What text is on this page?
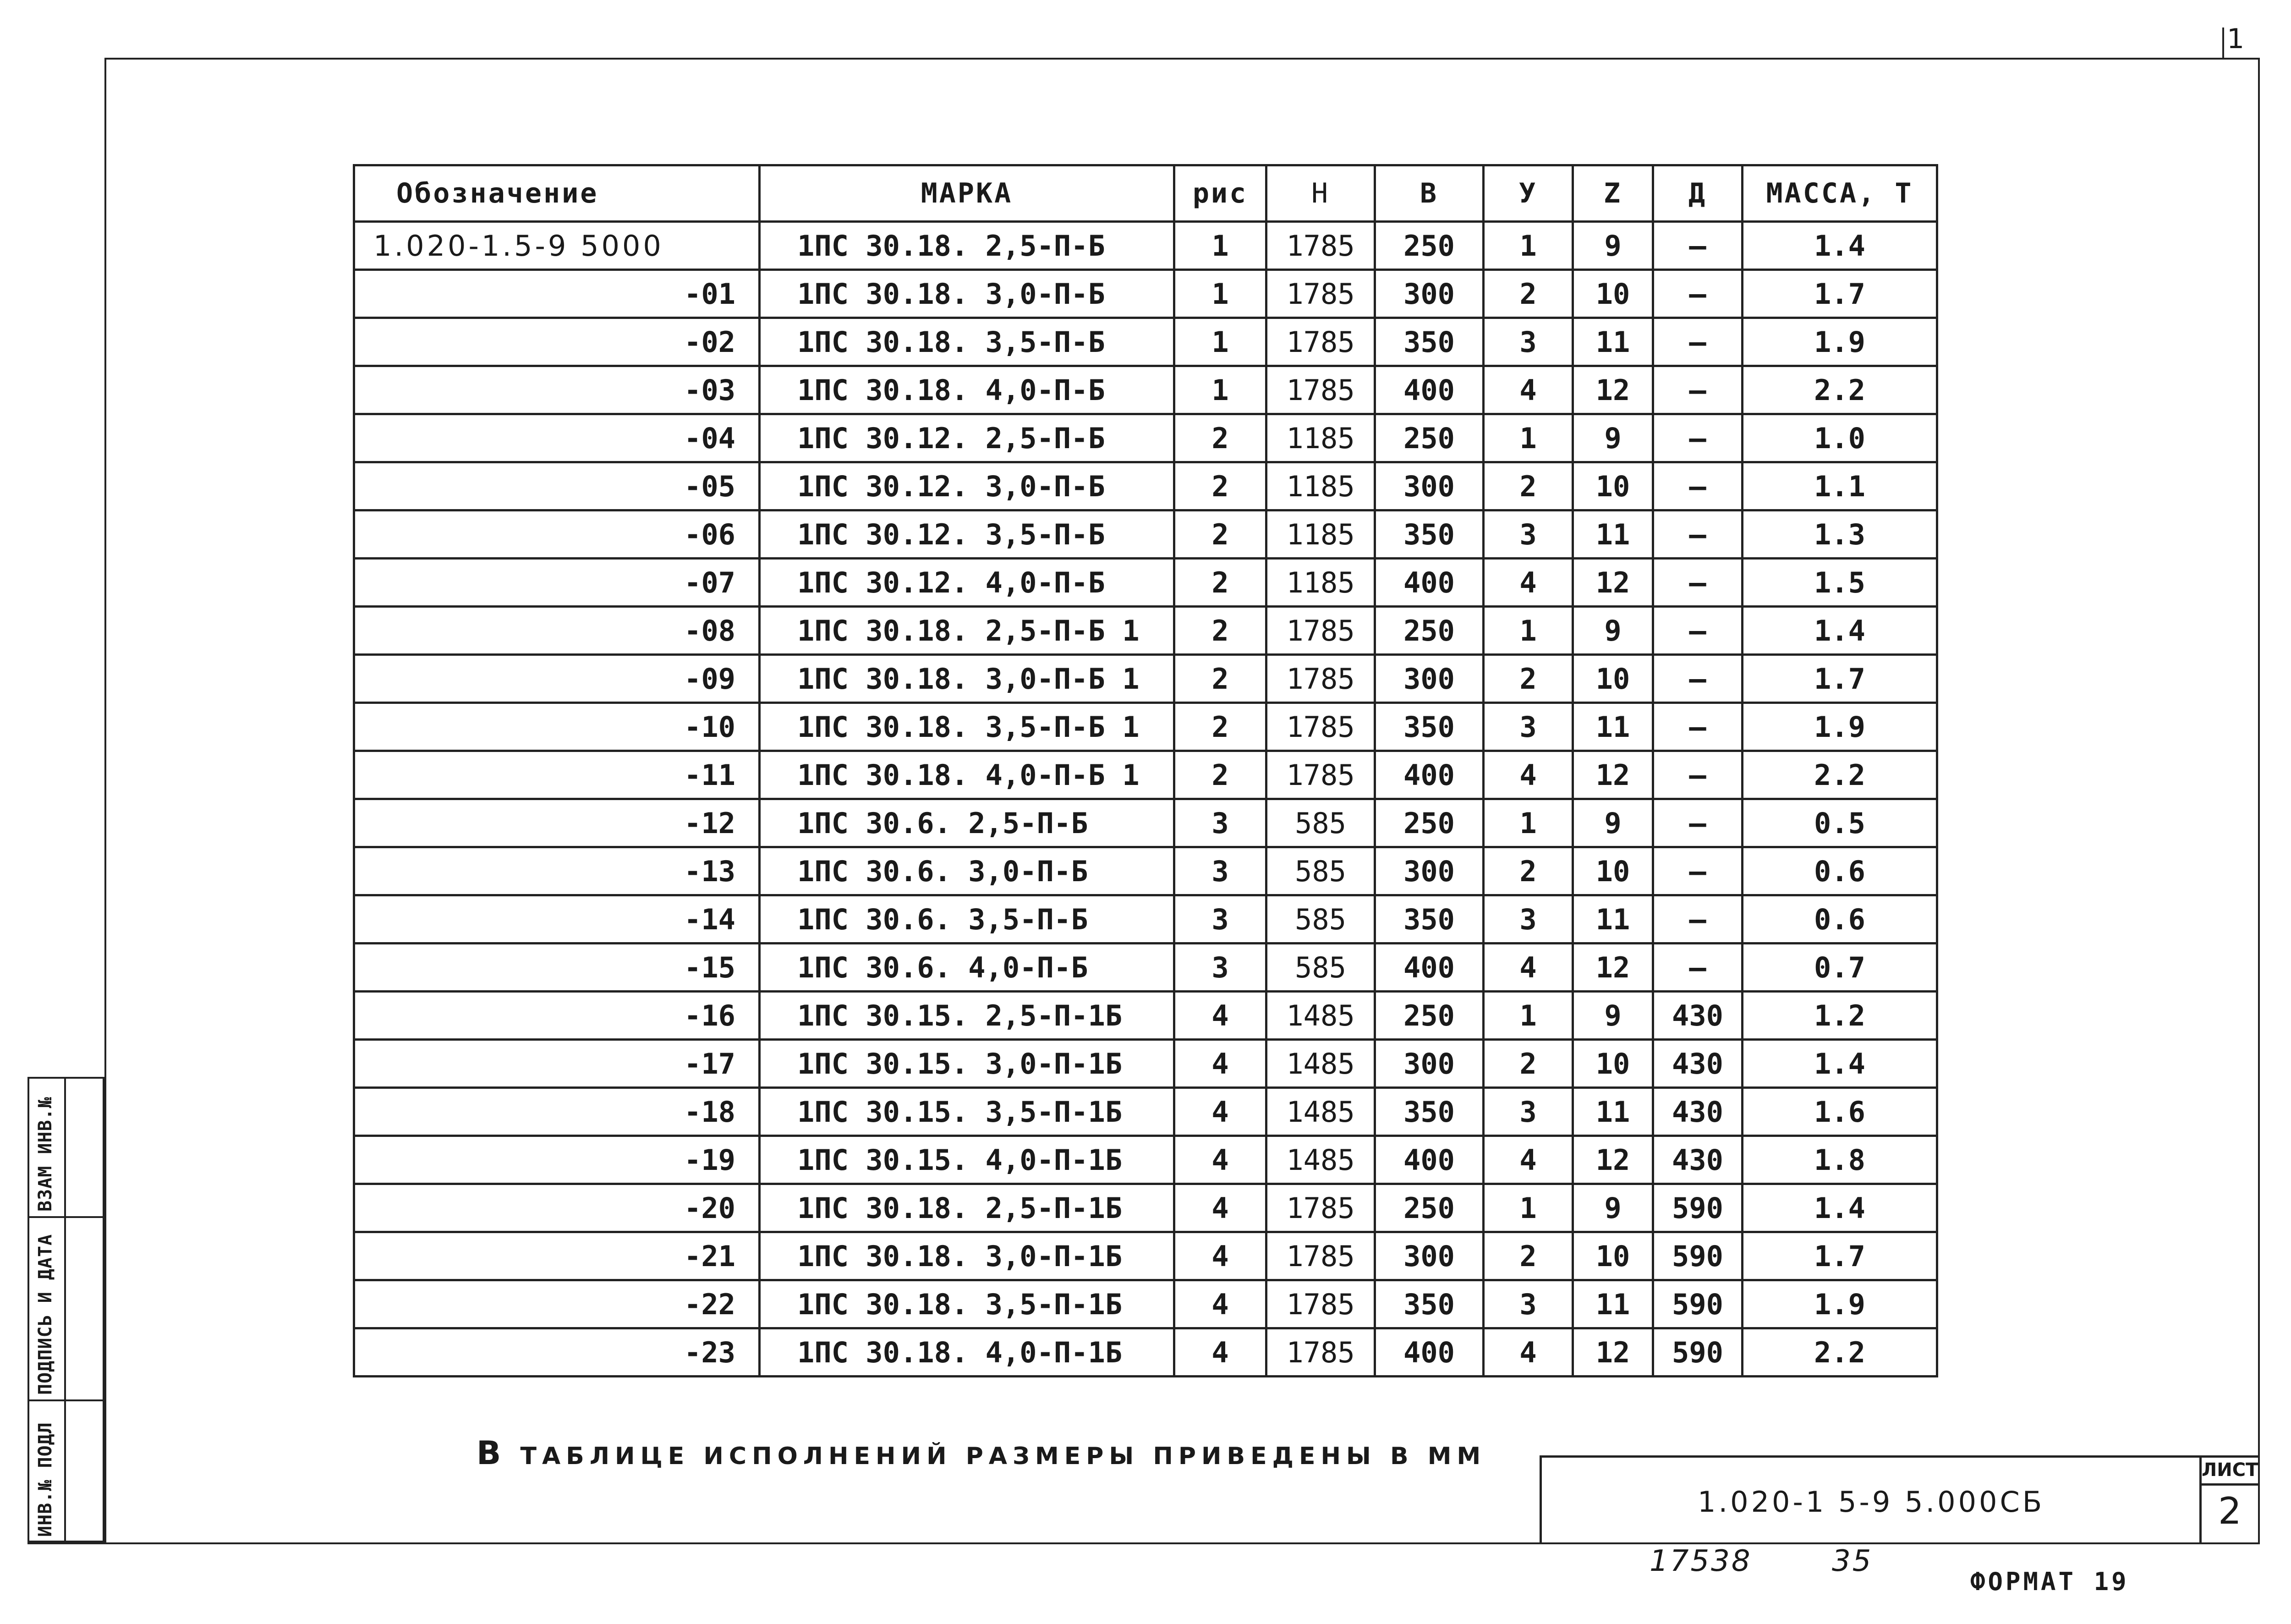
1
ИНВ.№ ПОДЛ
ПОДПИСЬ И ДАТА
ВЗАМ ИНВ.№
Обозначение	МАРКА	рис	Н	В	У	Z	Д	МАССА, Т
1.020-1.5-9 5000	1ПС 30.18. 2,5-П-Б	1	1785	250	1	9	—	1.4
-01	1ПС 30.18. 3,0-П-Б	1	1785	300	2	10	—	1.7
-02	1ПС 30.18. 3,5-П-Б	1	1785	350	3	11	—	1.9
-03	1ПС 30.18. 4,0-П-Б	1	1785	400	4	12	—	2.2
-04	1ПС 30.12. 2,5-П-Б	2	1185	250	1	9	—	1.0
-05	1ПС 30.12. 3,0-П-Б	2	1185	300	2	10	—	1.1
-06	1ПС 30.12. 3,5-П-Б	2	1185	350	3	11	—	1.3
-07	1ПС 30.12. 4,0-П-Б	2	1185	400	4	12	—	1.5
-08	1ПС 30.18. 2,5-П-Б 1	2	1785	250	1	9	—	1.4
-09	1ПС 30.18. 3,0-П-Б 1	2	1785	300	2	10	—	1.7
-10	1ПС 30.18. 3,5-П-Б 1	2	1785	350	3	11	—	1.9
-11	1ПС 30.18. 4,0-П-Б 1	2	1785	400	4	12	—	2.2
-12	1ПС 30.6. 2,5-П-Б	3	585	250	1	9	—	0.5
-13	1ПС 30.6. 3,0-П-Б	3	585	300	2	10	—	0.6
-14	1ПС 30.6. 3,5-П-Б	3	585	350	3	11	—	0.6
-15	1ПС 30.6. 4,0-П-Б	3	585	400	4	12	—	0.7
-16	1ПС 30.15. 2,5-П-1Б	4	1485	250	1	9	430	1.2
-17	1ПС 30.15. 3,0-П-1Б	4	1485	300	2	10	430	1.4
-18	1ПС 30.15. 3,5-П-1Б	4	1485	350	3	11	430	1.6
-19	1ПС 30.15. 4,0-П-1Б	4	1485	400	4	12	430	1.8
-20	1ПС 30.18. 2,5-П-1Б	4	1785	250	1	9	590	1.4
-21	1ПС 30.18. 3,0-П-1Б	4	1785	300	2	10	590	1.7
-22	1ПС 30.18. 3,5-П-1Б	4	1785	350	3	11	590	1.9
-23	1ПС 30.18. 4,0-П-1Б	4	1785	400	4	12	590	2.2
В ТАБЛИЦЕ ИСПОЛНЕНИЙ РАЗМЕРЫ ПРИВЕДЕНЫ В ММ
1.020-1 5-9 5.000СБ
ЛИСТ
2
17538	35
ФОРМАТ 19
